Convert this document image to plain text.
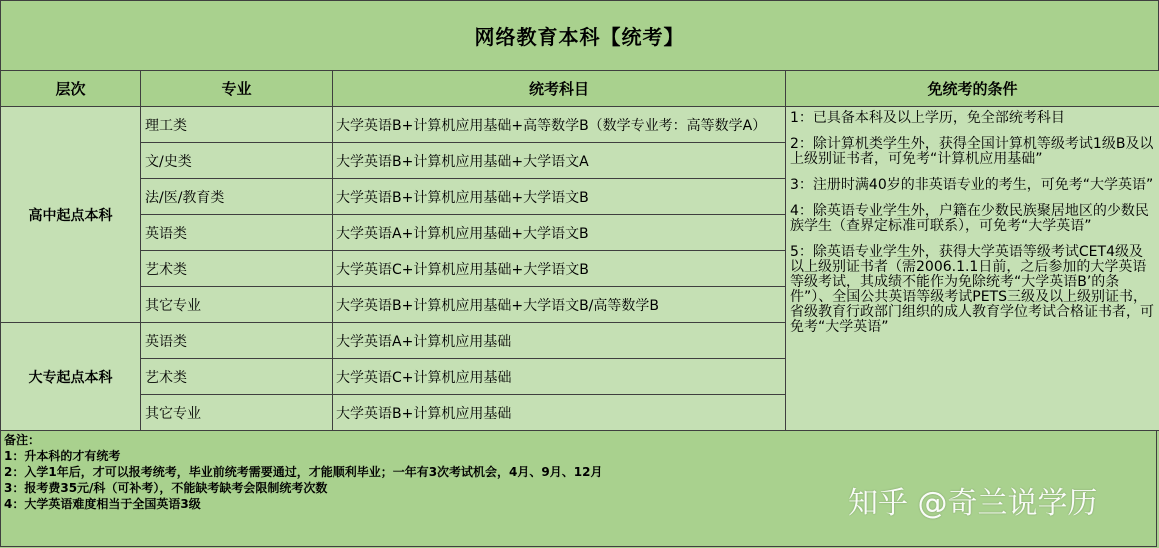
网络教育本科【统考】
层次	专业	统考科目	免统考的条件
高中起点本科	理工类	大学英语B+计算机应用基础+高等数学B（数学专业考：高等数学A）	1：已具备本科及以上学历，免全部统考科目

2：除计算机类学生外，获得全国计算机等级考试1级B及以上级别证书者，可免考“计算机应用基础”

3：注册时满40岁的非英语专业的考生，可免考“大学英语”

4：除英语专业学生外，户籍在少数民族聚居地区的少数民族学生（查界定标准可联系），可免考“大学英语”

5：除英语专业学生外，获得大学英语等级考试CET4级及以上级别证书者（需2006.1.1日前，之后参加的大学英语等级考试，其成绩不能作为免除统考“大学英语B’的条件”）、全国公共英语等级考试PETS三级及以上级别证书，省级教育行政部门组织的成人教育学位考试合格证书者，可免考“大学英语”

	文/史类	大学英语B+计算机应用基础+大学语文A	
	法/医/教育类	大学英语B+计算机应用基础+大学语文B	
	英语类	大学英语A+计算机应用基础+大学语文B	
	艺术类	大学英语C+计算机应用基础+大学语文B	
	其它专业	大学英语B+计算机应用基础+大学语文B/高等数学B	
大专起点本科	英语类	大学英语A+计算机应用基础	
	艺术类	大学英语C+计算机应用基础	
	其它专业	大学英语B+计算机应用基础	
备注：
1：升本科的才有统考
2：入学1年后，才可以报考统考，毕业前统考需要通过，才能顺利毕业；一年有3次考试机会，4月、9月、12月
3：报考费35元/科（可补考），不能缺考缺考会限制统考次数
4：大学英语难度相当于全国英语3级	知乎 @奇兰说学历
